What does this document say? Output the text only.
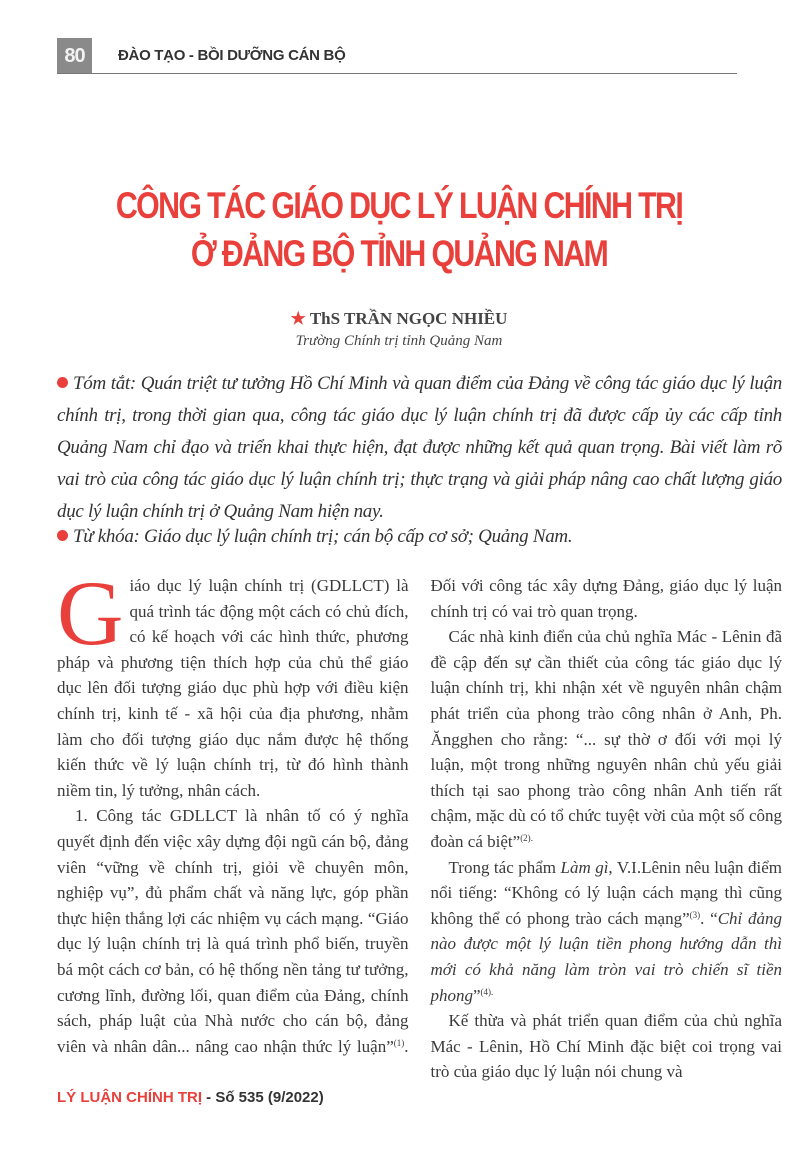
80	ĐÀO TẠO - BỒI DƯỠNG CÁN BỘ
CÔNG TÁC GIÁO DỤC LÝ LUẬN CHÍNH TRỊ
Ở ĐẢNG BỘ TỈNH QUẢNG NAM
★ ThS TRẦN NGỌC NHIỀU
Trường Chính trị tỉnh Quảng Nam
Tóm tắt: Quán triệt tư tưởng Hồ Chí Minh và quan điểm của Đảng về công tác giáo dục lý luận chính trị, trong thời gian qua, công tác giáo dục lý luận chính trị đã được cấp ủy các cấp tỉnh Quảng Nam chỉ đạo và triển khai thực hiện, đạt được những kết quả quan trọng. Bài viết làm rõ vai trò của công tác giáo dục lý luận chính trị; thực trạng và giải pháp nâng cao chất lượng giáo dục lý luận chính trị ở Quảng Nam hiện nay.
Từ khóa: Giáo dục lý luận chính trị; cán bộ cấp cơ sở; Quảng Nam.

Giáo dục lý luận chính trị (GDLLCT) là quá trình tác động một cách có chủ đích, có kế hoạch với các hình thức, phương pháp và phương tiện thích hợp của chủ thể giáo dục lên đối tượng giáo dục phù hợp với điều kiện chính trị, kinh tế - xã hội của địa phương, nhằm làm cho đối tượng giáo dục nắm được hệ thống kiến thức về lý luận chính trị, từ đó hình thành niềm tin, lý tưởng, nhân cách.

1. Công tác GDLLCT là nhân tố có ý nghĩa quyết định đến việc xây dựng đội ngũ cán bộ, đảng viên “vững về chính trị, giỏi về chuyên môn, nghiệp vụ”, đủ phẩm chất và năng lực, góp phần thực hiện thắng lợi các nhiệm vụ cách mạng. “Giáo dục lý luận chính trị là quá trình phổ biến, truyền bá một cách cơ bản, có hệ thống nền tảng tư tưởng, cương lĩnh, đường lối, quan điểm của Đảng, chính sách, pháp luật của Nhà nước cho cán bộ, đảng viên và nhân dân... nâng cao nhận thức lý luận”$^{(1)}$. Đối với công tác xây dựng Đảng, giáo dục lý luận chính trị có vai trò quan trọng.

Các nhà kinh điển của chủ nghĩa Mác - Lênin đã đề cập đến sự cần thiết của công tác giáo dục lý luận chính trị, khi nhận xét về nguyên nhân chậm phát triển của phong trào công nhân ở Anh, Ph. Ăngghen cho rằng: “... sự thờ ơ đối với mọi lý luận, một trong những nguyên nhân chủ yếu giải thích tại sao phong trào công nhân Anh tiến rất chậm, mặc dù có tổ chức tuyệt vời của một số công đoàn cá biệt”$^{(2)}$ .

Trong tác phẩm Làm gì, V.I.Lênin nêu luận điểm nổi tiếng: “Không có lý luận cách mạng thì cũng không thể có phong trào cách mạng”$^{(3)}$. “Chỉ đảng nào được một lý luận tiền phong hướng dẫn thì mới có khả năng làm tròn vai trò chiến sĩ tiền phong”$^{(4)}$ .

Kế thừa và phát triển quan điểm của chủ nghĩa Mác - Lênin, Hồ Chí Minh đặc biệt coi trọng vai trò của giáo dục lý luận nói chung và

LÝ LUẬN CHÍNH TRỊ - Số 535 (9/2022)
